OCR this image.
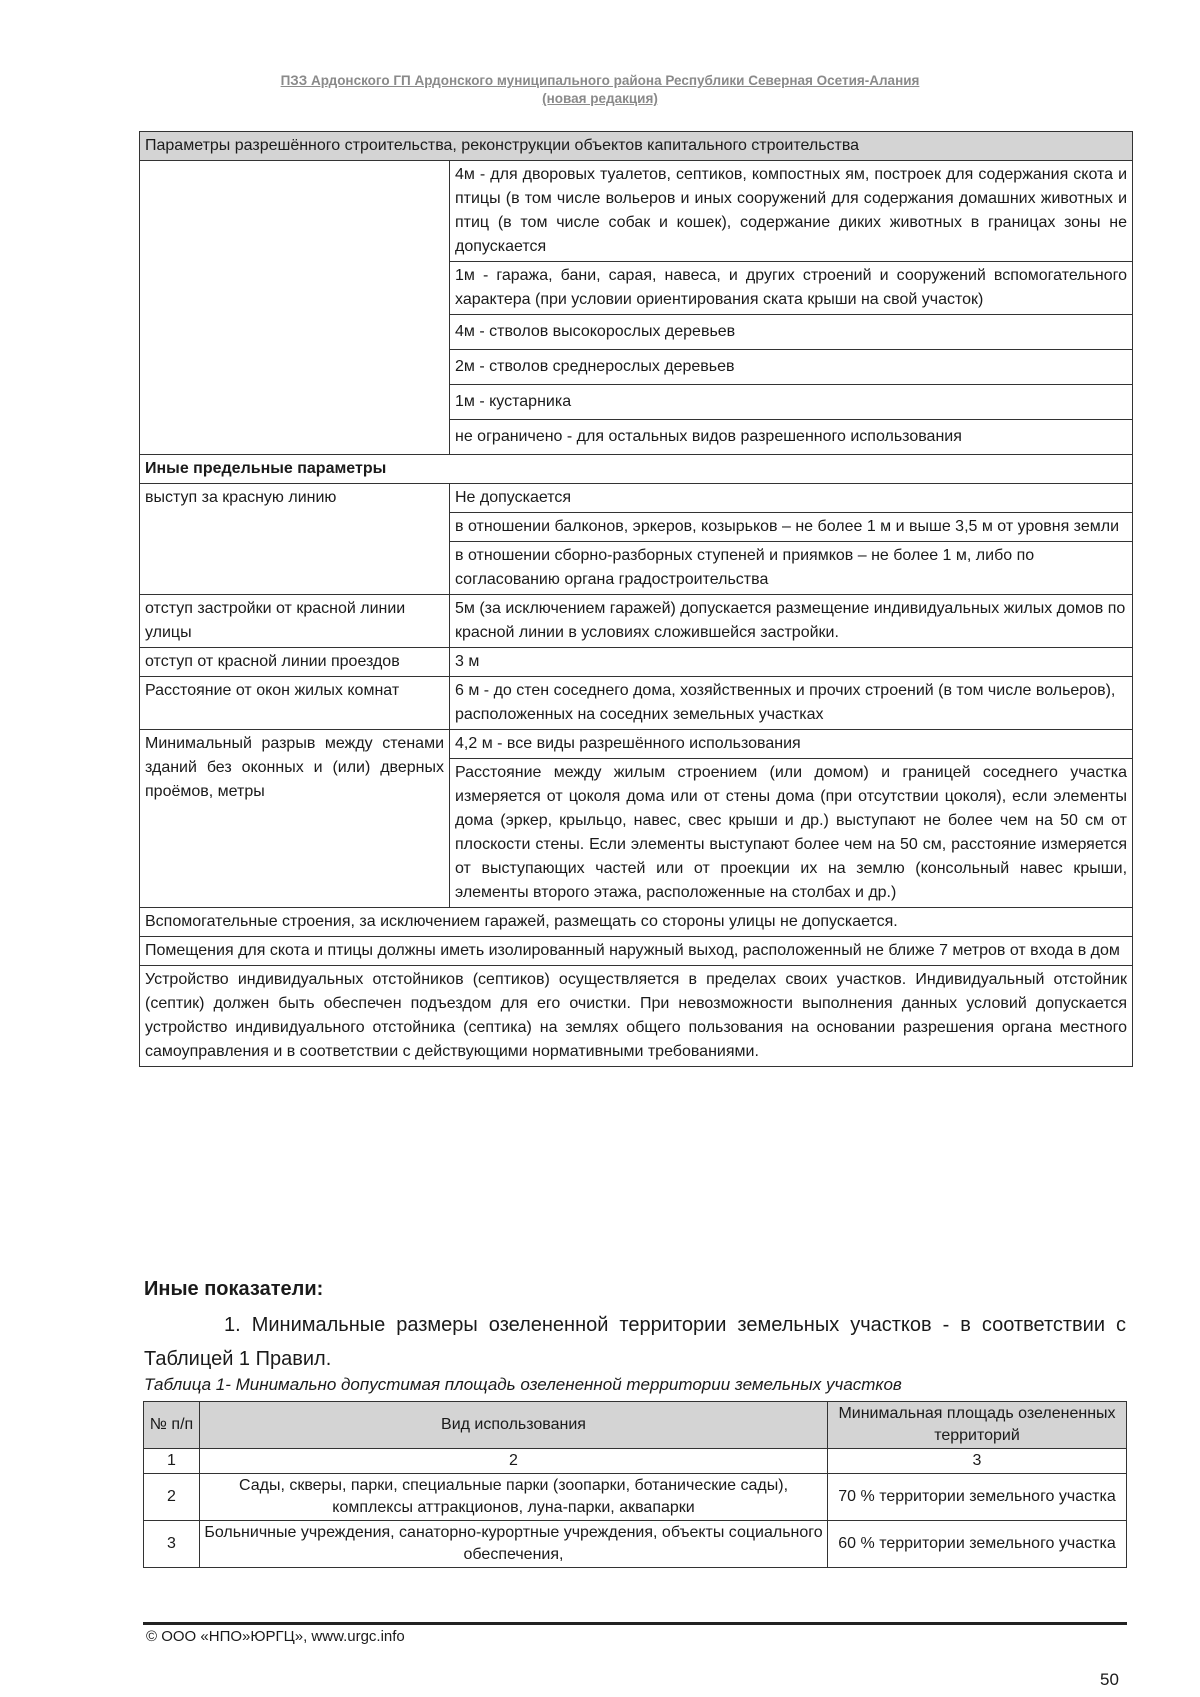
ПЗЗ Ардонского ГП Ардонского муниципального района Республики Северная Осетия-Алания
(новая редакция)
Параметры разрешённого строительства, реконструкции объектов капитального строительства	
	4м - для дворовых туалетов, септиков, компостных ям, построек для содержания скота и птицы (в том числе вольеров и иных сооружений для содержания домашних животных и птиц (в том числе собак и кошек), содержание диких животных в границах зоны не допускается
	1м - гаража, бани, сарая, навеса, и других строений и сооружений вспомогательного характера (при условии ориентирования ската крыши на свой участок)
	4м - стволов высокорослых деревьев
	2м - стволов среднерослых деревьев
	1м - кустарника
	не ограничено - для остальных видов разрешенного использования
Иные предельные параметры	
выступ за красную линию	Не допускается
	в отношении балконов, эркеров, козырьков – не более 1 м и выше 3,5 м от уровня земли
	в отношении сборно-разборных ступеней и приямков – не более 1 м, либо по согласованию органа градостроительства
отступ застройки от красной линии улицы	5м (за исключением гаражей) допускается размещение индивидуальных жилых домов по красной линии в условиях сложившейся застройки.
отступ от красной линии проездов	3 м
Расстояние от окон жилых комнат	6 м - до стен соседнего дома, хозяйственных и прочих строений (в том числе вольеров), расположенных на соседних земельных участках
Минимальный разрыв между стенами зданий без оконных и (или) дверных проёмов, метры	4,2 м - все виды разрешённого использования
	Расстояние между жилым строением (или домом) и границей соседнего участка измеряется от цоколя дома или от стены дома (при отсутствии цоколя), если элементы дома (эркер, крыльцо, навес, свес крыши и др.) выступают не более чем на 50 см от плоскости стены. Если элементы выступают более чем на 50 см, расстояние измеряется от выступающих частей или от проекции их на землю (консольный навес крыши, элементы второго этажа, расположенные на столбах и др.)
Вспомогательные строения, за исключением гаражей, размещать со стороны улицы не допускается.	
Помещения для скота и птицы должны иметь изолированный наружный выход, расположенный не ближе 7 метров от входа в дом	
Устройство индивидуальных отстойников (септиков) осуществляется в пределах своих участков. Индивидуальный отстойник (септик) должен быть обеспечен подъездом для его очистки. При невозможности выполнения данных условий допускается устройство индивидуального отстойника (септика) на землях общего пользования на основании разрешения органа местного самоуправления и в соответствии с действующими нормативными требованиями.	
Иные показатели:
1. Минимальные размеры озелененной территории земельных участков - в соответствии с Таблицей 1 Правил.
Таблица 1- Минимально допустимая площадь озелененной территории земельных участков
№ п/п	Вид использования	Минимальная площадь озелененных территорий
1	2	3
2	Сады, скверы, парки, специальные парки (зоопарки, ботанические сады), комплексы аттракционов, луна-парки, аквапарки	70 % территории земельного участка
3	Больничные учреждения, санаторно-курортные учреждения, объекты социального обеспечения,	60 % территории земельного участка
© ООО «НПО»ЮРГЦ», www.urgc.info
50
